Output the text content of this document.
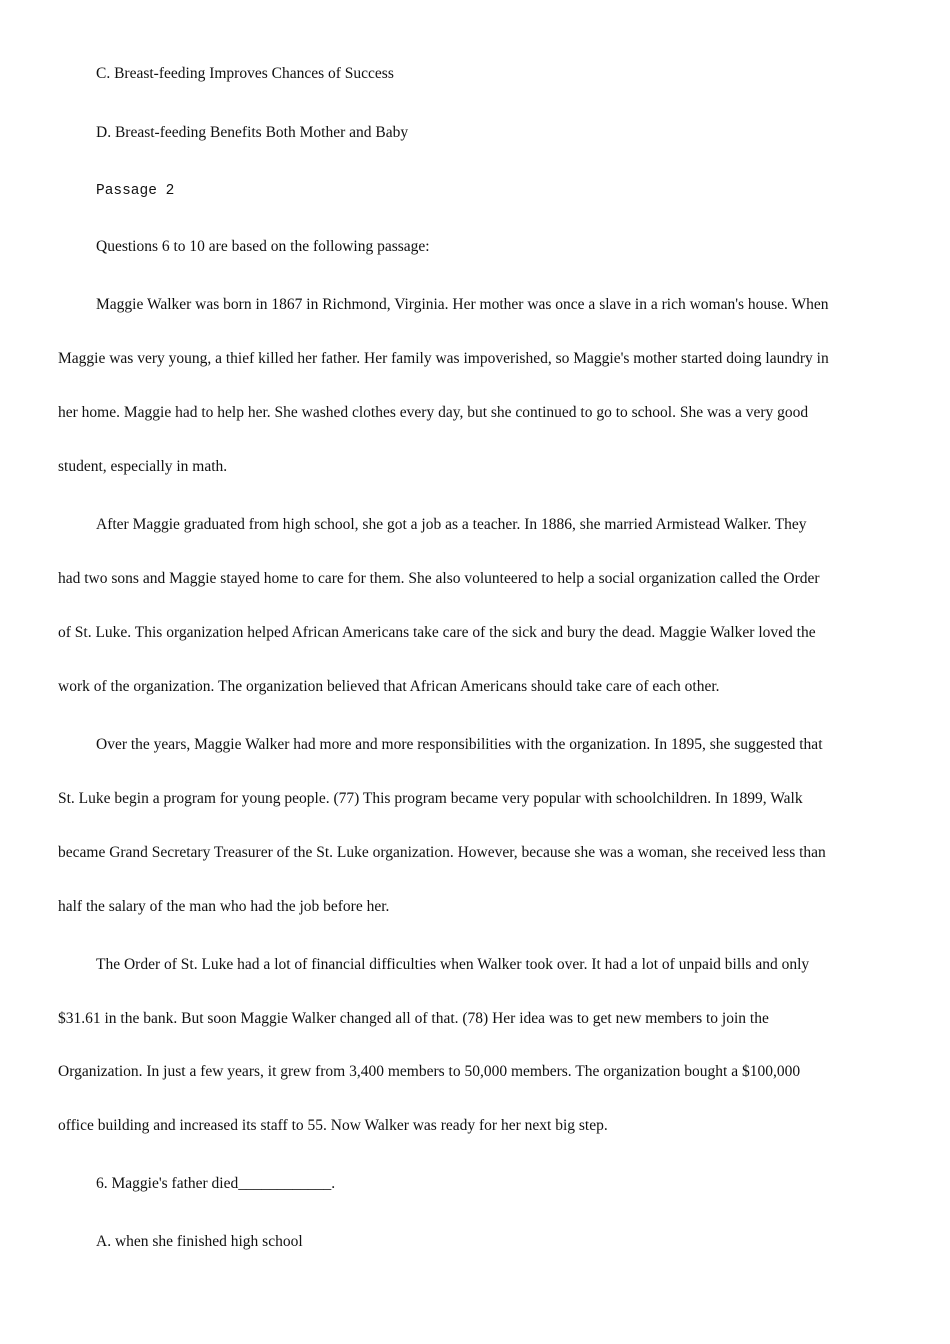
C. Breast-feeding Improves Chances of Success
D. Breast-feeding Benefits Both Mother and Baby
Passage 2
Questions 6 to 10 are based on the following passage:
Maggie Walker was born in 1867 in Richmond, Virginia. Her mother was once a slave in a rich woman's house. When
Maggie was very young, a thief killed her father. Her family was impoverished, so Maggie's mother started doing laundry in
her home. Maggie had to help her. She washed clothes every day, but she continued to go to school. She was a very good
student, especially in math.
After Maggie graduated from high school, she got a job as a teacher. In 1886, she married Armistead Walker. They
had two sons and Maggie stayed home to care for them. She also volunteered to help a social organization called the Order
of St. Luke. This organization helped African Americans take care of the sick and bury the dead. Maggie Walker loved the
work of the organization. The organization believed that African Americans should take care of each other.
Over the years, Maggie Walker had more and more responsibilities with the organization. In 1895, she suggested that
St. Luke begin a program for young people. (77) This program became very popular with schoolchildren. In 1899, Walk
became Grand Secretary Treasurer of the St. Luke organization. However, because she was a woman, she received less than
half the salary of the man who had the job before her.
The Order of St. Luke had a lot of financial difficulties when Walker took over. It had a lot of unpaid bills and only
$31.61 in the bank. But soon Maggie Walker changed all of that. (78) Her idea was to get new members to join the
Organization. In just a few years, it grew from 3,400 members to 50,000 members. The organization bought a $100,000
office building and increased its staff to 55. Now Walker was ready for her next big step.
6. Maggie's father died____________.
A. when she finished high school
